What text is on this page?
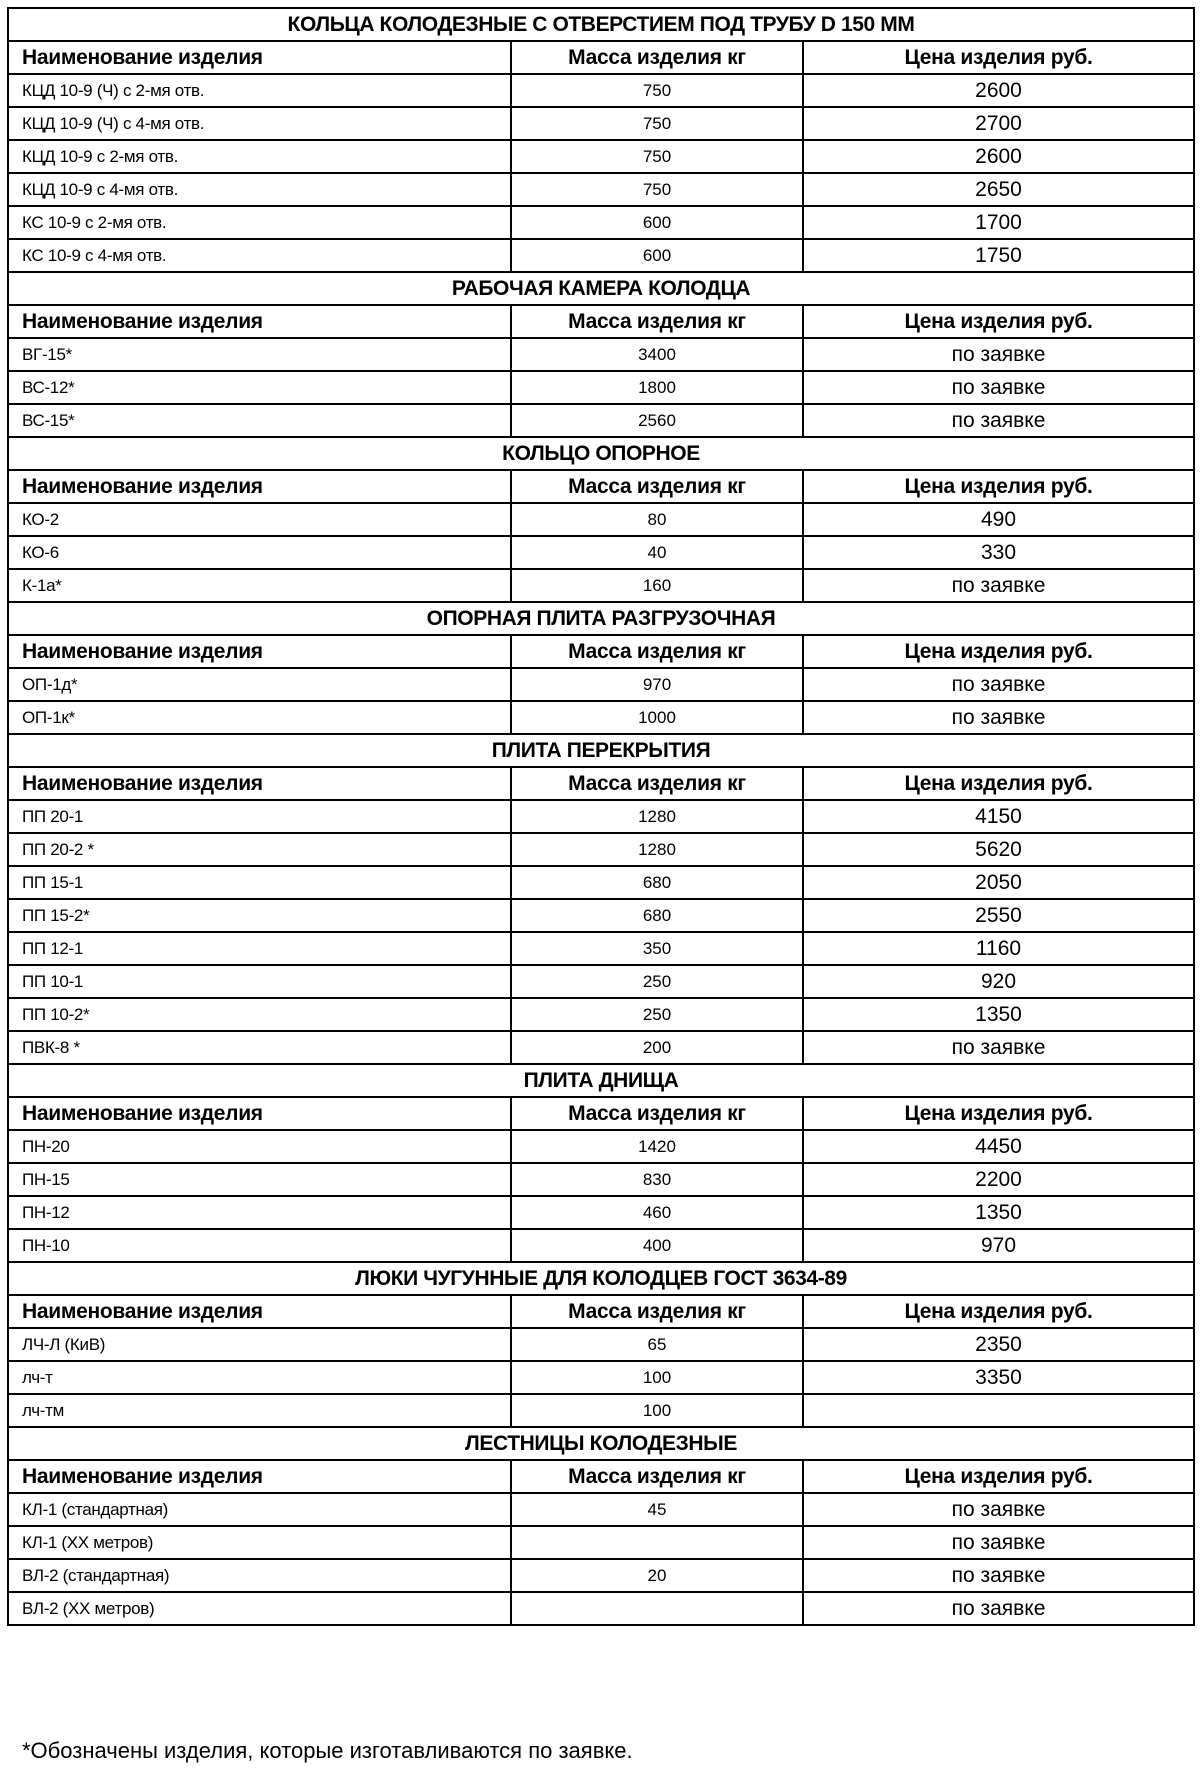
КОЛЬЦА КОЛОДЕЗНЫЕ С ОТВЕРСТИЕМ ПОД ТРУБУ D 150 ММ		
Наименование изделия	Масса изделия кг	Цена изделия руб.
КЦД 10-9 (Ч) с 2-мя отв.	750	2600
КЦД 10-9 (Ч) с 4-мя отв.	750	2700
КЦД 10-9 с 2-мя отв.	750	2600
КЦД 10-9 с 4-мя отв.	750	2650
КС 10-9 с 2-мя отв.	600	1700
КС 10-9 с 4-мя отв.	600	1750
РАБОЧАЯ КАМЕРА КОЛОДЦА		
Наименование изделия	Масса изделия кг	Цена изделия руб.
ВГ-15*	3400	по заявке
ВС-12*	1800	по заявке
ВС-15*	2560	по заявке
КОЛЬЦО ОПОРНОЕ		
Наименование изделия	Масса изделия кг	Цена изделия руб.
КО-2	80	490
КО-6	40	330
К-1а*	160	по заявке
ОПОРНАЯ ПЛИТА РАЗГРУЗОЧНАЯ		
Наименование изделия	Масса изделия кг	Цена изделия руб.
ОП-1д*	970	по заявке
ОП-1к*	1000	по заявке
ПЛИТА ПЕРЕКРЫТИЯ		
Наименование изделия	Масса изделия кг	Цена изделия руб.
ПП 20-1	1280	4150
ПП 20-2 *	1280	5620
ПП 15-1	680	2050
ПП 15-2*	680	2550
ПП 12-1	350	1160
ПП 10-1	250	920
ПП 10-2*	250	1350
ПВК-8 *	200	по заявке
ПЛИТА ДНИЩА		
Наименование изделия	Масса изделия кг	Цена изделия руб.
ПН-20	1420	4450
ПН-15	830	2200
ПН-12	460	1350
ПН-10	400	970
ЛЮКИ ЧУГУННЫЕ ДЛЯ КОЛОДЦЕВ ГОСТ 3634-89		
Наименование изделия	Масса изделия кг	Цена изделия руб.
ЛЧ-Л (КиВ)	65	2350
лч-т	100	3350
лч-тм	100	
ЛЕСТНИЦЫ КОЛОДЕЗНЫЕ		
Наименование изделия	Масса изделия кг	Цена изделия руб.
КЛ-1 (стандартная)	45	по заявке
КЛ-1 (ХХ метров)		по заявке
ВЛ-2 (стандартная)	20	по заявке
ВЛ-2 (ХХ метров)		по заявке
*Обозначены изделия, которые изготавливаются по заявке.
